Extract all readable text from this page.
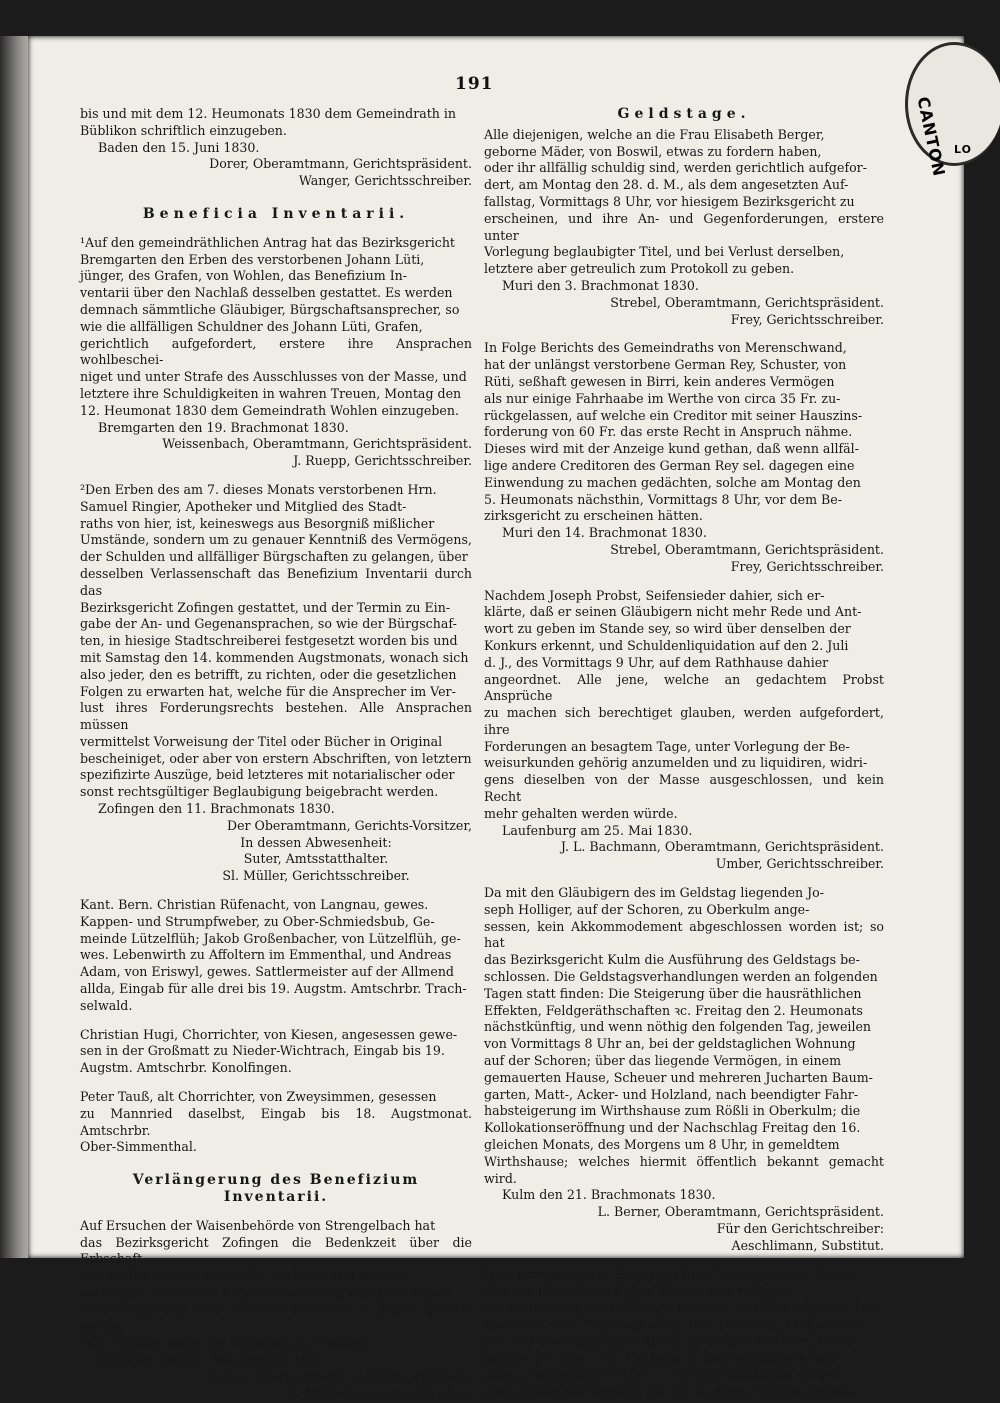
CANTON LO
191

bis und mit dem 12. Heumonats 1830 dem Gemeindrath in

Büblikon schriftlich einzugeben.

Baden den 15. Juni 1830.

Dorer, Oberamtmann, Gerichtspräsident.

Wanger, Gerichtsschreiber.

Beneficia Inventarii.

¹Auf den gemeindräthlichen Antrag hat das Bezirksgericht

Bremgarten den Erben des verstorbenen Johann Lüti,

jünger, des Grafen, von Wohlen, das Benefizium In-

ventarii über den Nachlaß desselben gestattet. Es werden

demnach sämmtliche Gläubiger, Bürgschaftsansprecher, so

wie die allfälligen Schuldner des Johann Lüti, Grafen,

gerichtlich aufgefordert, erstere ihre Ansprachen wohlbeschei-

niget und unter Strafe des Ausschlusses von der Masse, und

letztere ihre Schuldigkeiten in wahren Treuen, Montag den

12. Heumonat 1830 dem Gemeindrath Wohlen einzugeben.

Bremgarten den 19. Brachmonat 1830.

Weissenbach, Oberamtmann, Gerichtspräsident.

J. Ruepp, Gerichtsschreiber.

²Den Erben des am 7. dieses Monats verstorbenen Hrn.

Samuel Ringier, Apotheker und Mitglied des Stadt-

raths von hier, ist, keineswegs aus Besorgniß mißlicher

Umstände, sondern um zu genauer Kenntniß des Vermögens,

der Schulden und allfälliger Bürgschaften zu gelangen, über

desselben Verlassenschaft das Benefizium Inventarii durch das

Bezirksgericht Zofingen gestattet, und der Termin zu Ein-

gabe der An- und Gegenansprachen, so wie der Bürgschaf-

ten, in hiesige Stadtschreiberei festgesetzt worden bis und

mit Samstag den 14. kommenden Augstmonats, wonach sich

also jeder, den es betrifft, zu richten, oder die gesetzlichen

Folgen zu erwarten hat, welche für die Ansprecher im Ver-

lust ihres Forderungsrechts bestehen. Alle Ansprachen müssen

vermittelst Vorweisung der Titel oder Bücher in Original

bescheiniget, oder aber von erstern Abschriften, von letztern

spezifizirte Auszüge, beid letzteres mit notarialischer oder

sonst rechtsgültiger Beglaubigung beigebracht werden.

Zofingen den 11. Brachmonats 1830.

Der Oberamtmann, Gerichts-Vorsitzer,

In dessen Abwesenheit:

Suter, Amtsstatthalter.

Sl. Müller, Gerichtsschreiber.

Kant. Bern. Christian Rüfenacht, von Langnau, gewes.

Kappen- und Strumpfweber, zu Ober-Schmiedsbub, Ge-

meinde Lützelflüh; Jakob Großenbacher, von Lützelflüh, ge-

wes. Lebenwirth zu Affoltern im Emmenthal, und Andreas

Adam, von Eriswyl, gewes. Sattlermeister auf der Allmend

allda, Eingab für alle drei bis 19. Augstm. Amtschrbr. Trach-

selwald.

Christian Hugi, Chorrichter, von Kiesen, angesessen gewe-

sen in der Großmatt zu Nieder-Wichtrach, Eingab bis 19.

Augstm. Amtschrbr. Konolfingen.

Peter Tauß, alt Chorrichter, von Zweysimmen, gesessen

zu Mannried daselbst, Eingab bis 18. Augstmonat. Amtschrbr.

Ober-Simmenthal.

Verlängerung des Benefizium Inventarii.

Auf Ersuchen der Waisenbehörde von Strengelbach hat

das Bezirksgericht Zofingen die Bedenkzeit über die Erbschaft

des Wirths Samuel Dätweiler noch um drei Wochen

verlängert, damit das Ergebniß einer zugleich bewilligten

Probesteigerung jene Behörde bestimmt in Stand gesetzt werde,

sich für oder wider die Erbschaft zu erklären.

Zofingen den 18. Brachmonat 1830.

Suter, Oberamtmann, Gerichtspräsident.

S. Müller, Gerichtsschreiber.

Geldstage.

Alle diejenigen, welche an die Frau Elisabeth Berger,

geborne Mäder, von Boswil, etwas zu fordern haben,

oder ihr allfällig schuldig sind, werden gerichtlich aufgefor-

dert, am Montag den 28. d. M., als dem angesetzten Auf-

fallstag, Vormittags 8 Uhr, vor hiesigem Bezirksgericht zu

erscheinen, und ihre An- und Gegenforderungen, erstere unter

Vorlegung beglaubigter Titel, und bei Verlust derselben,

letztere aber getreulich zum Protokoll zu geben.

Muri den 3. Brachmonat 1830.

Strebel, Oberamtmann, Gerichtspräsident.

Frey, Gerichtsschreiber.

In Folge Berichts des Gemeindraths von Merenschwand,

hat der unlängst verstorbene German Rey, Schuster, von

Rüti, seßhaft gewesen in Birri, kein anderes Vermögen

als nur einige Fahrhaabe im Werthe von circa 35 Fr. zu-

rückgelassen, auf welche ein Creditor mit seiner Hauszins-

forderung von 60 Fr. das erste Recht in Anspruch nähme.

Dieses wird mit der Anzeige kund gethan, daß wenn allfäl-

lige andere Creditoren des German Rey sel. dagegen eine

Einwendung zu machen gedächten, solche am Montag den

5. Heumonats nächsthin, Vormittags 8 Uhr, vor dem Be-

zirksgericht zu erscheinen hätten.

Muri den 14. Brachmonat 1830.

Strebel, Oberamtmann, Gerichtspräsident.

Frey, Gerichtsschreiber.

Nachdem Joseph Probst, Seifensieder dahier, sich er-

klärte, daß er seinen Gläubigern nicht mehr Rede und Ant-

wort zu geben im Stande sey, so wird über denselben der

Konkurs erkennt, und Schuldenliquidation auf den 2. Juli

d. J., des Vormittags 9 Uhr, auf dem Rathhause dahier

angeordnet. Alle jene, welche an gedachtem Probst Ansprüche

zu machen sich berechtiget glauben, werden aufgefordert, ihre

Forderungen an besagtem Tage, unter Vorlegung der Be-

weisurkunden gehörig anzumelden und zu liquidiren, widri-

gens dieselben von der Masse ausgeschlossen, und kein Recht

mehr gehalten werden würde.

Laufenburg am 25. Mai 1830.

J. L. Bachmann, Oberamtmann, Gerichtspräsident.

Umber, Gerichtsschreiber.

Da mit den Gläubigern des im Geldstag liegenden Jo-

seph Holliger, auf der Schoren, zu Oberkulm ange-

sessen, kein Akkommodement abgeschlossen worden ist; so hat

das Bezirksgericht Kulm die Ausführung des Geldstags be-

schlossen. Die Geldstagsverhandlungen werden an folgenden

Tagen statt finden: Die Steigerung über die hausräthlichen

Effekten, Feldgeräthschaften ꝛc. Freitag den 2. Heumonats

nächstkünftig, und wenn nöthig den folgenden Tag, jeweilen

von Vormittags 8 Uhr an, bei der geldstaglichen Wohnung

auf der Schoren; über das liegende Vermögen, in einem

gemauerten Hause, Scheuer und mehreren Jucharten Baum-

garten, Matt-, Acker- und Holzland, nach beendigter Fahr-

habsteigerung im Wirthshause zum Rößli in Oberkulm; die

Kollokationseröffnung und der Nachschlag Freitag den 16.

gleichen Monats, des Morgens um 8 Uhr, in gemeldtem

Wirthshause; welches hiermit öffentlich bekannt gemacht wird.

Kulm den 21. Brachmonats 1830.

L. Berner, Oberamtmann, Gerichtspräsident.

Für den Gerichtschreiber:

Aeschlimann, Substitut.

¹Das Bezirksgericht Brugg hat über Vermögen und Schul-

den des Hans Jakob Keller, Krusen von Veltheim

die Verführung des Geldstags erkennt, worüber folgende Tage

bestimmt sind: Für Steigerung über Fahrhabe, Liegenschaf-

ten und den dißjährigen Abnuz ab einigen Güthern, Diens-

tag der 29. Juny — zu Veltheim in des Geldstagers Woh-

nung, Nachmittags 2 Uhr. — Für die Collokation ist der

Gerichtskanzlei Samstag der 28. Augstm. Für die Colloka-
